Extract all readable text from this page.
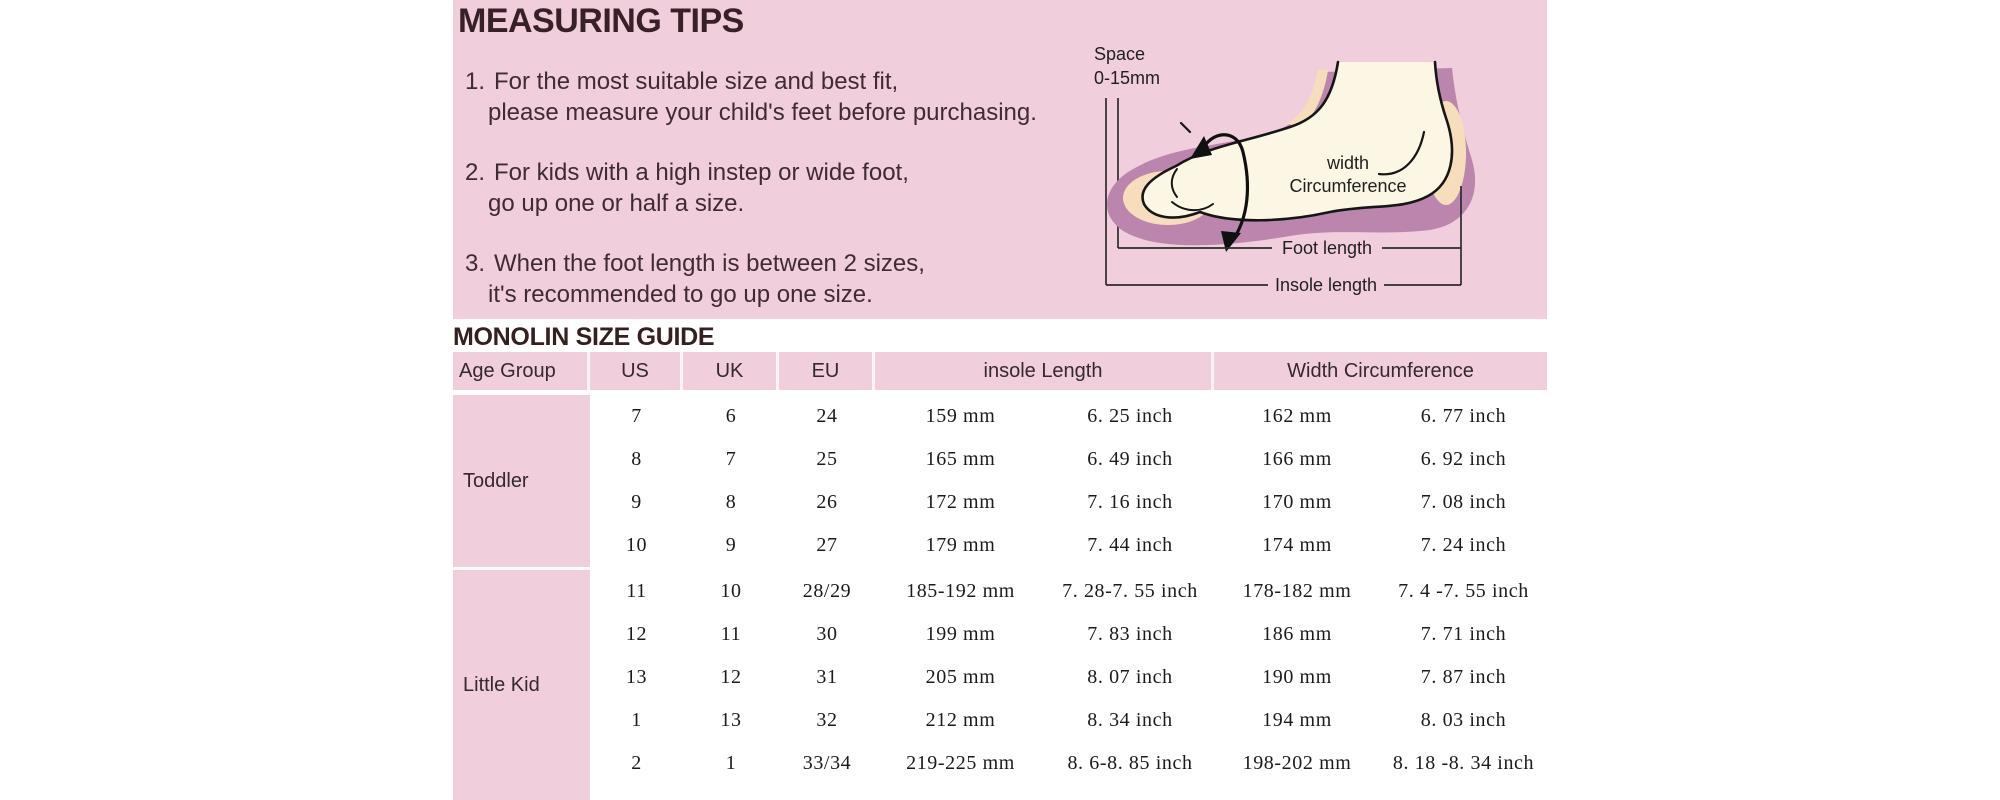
MEASURING TIPS
1. For the most suitable size and best fit,
please measure your child's feet before purchasing.
2. For kids with a high instep or wide foot,
go up one or half a size.
3. When the foot length is between 2 sizes,
it's recommended to go up one size.
Space
0-15mm
width
Circumference
Foot length
Insole length
MONOLIN SIZE GUIDE
Age Group	US	UK	EU	insole Length	Width Circumference
Toddler
7	6	24	159 mm	6. 25 inch	162 mm	6. 77 inch
8	7	25	165 mm	6. 49 inch	166 mm	6. 92 inch
9	8	26	172 mm	7. 16 inch	170 mm	7. 08 inch
10	9	27	179 mm	7. 44 inch	174 mm	7. 24 inch
Little Kid
11	10	28/29	185-192 mm	7. 28-7. 55 inch	178-182 mm	7. 4 -7. 55 inch
12	11	30	199 mm	7. 83 inch	186 mm	7. 71 inch
13	12	31	205 mm	8. 07 inch	190 mm	7. 87 inch
1	13	32	212 mm	8. 34 inch	194 mm	8. 03 inch
2	1	33/34	219-225 mm	8. 6-8. 85 inch	198-202 mm	8. 18 -8. 34 inch
